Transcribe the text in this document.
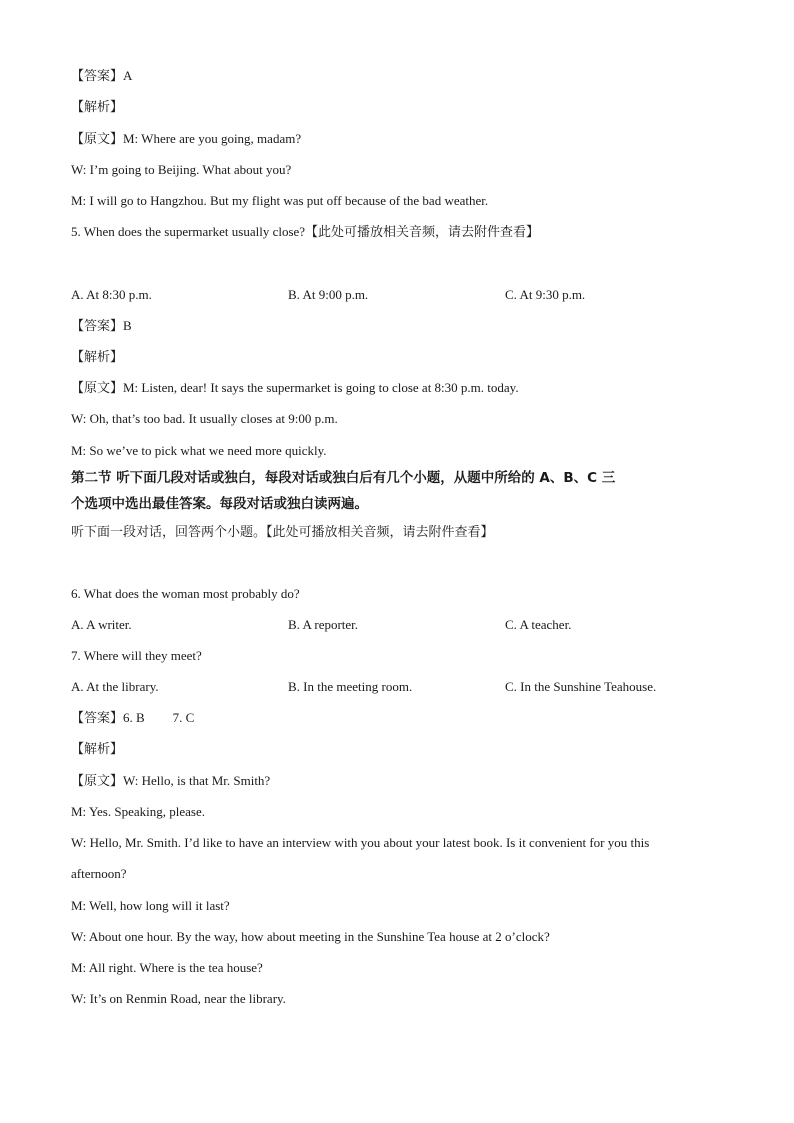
【答案】A
【解析】
【原文】M: Where are you going, madam?
W: I’m going to Beijing. What about you?
M: I will go to Hangzhou. But my flight was put off because of the bad weather.
5. When does the supermarket usually close?【此处可播放相关音频，请去附件查看】
A. At 8:30 p.m.	B. At 9:00 p.m.	C. At 9:30 p.m.
【答案】B
【解析】
【原文】M: Listen, dear! It says the supermarket is going to close at 8:30 p.m. today.
W: Oh, that’s too bad. It usually closes at 9:00 p.m.
M: So we’ve to pick what we need more quickly.
第二节 听下面几段对话或独白，每段对话或独白后有几个小题，从题中所给的 A、B、C 三
个选项中选出最佳答案。每段对话或独白读两遍。
听下面一段对话，回答两个小题。【此处可播放相关音频，请去附件查看】
6. What does the woman most probably do?
A. A writer.	B. A reporter.	C. A teacher.
7. Where will they meet?
A. At the library.	B. In the meeting room.	C. In the Sunshine Teahouse.
【答案】6. B 7. C
【解析】
【原文】W: Hello, is that Mr. Smith?
M: Yes. Speaking, please.
W: Hello, Mr. Smith. I’d like to have an interview with you about your latest book. Is it convenient for you this
afternoon?
M: Well, how long will it last?
W: About one hour. By the way, how about meeting in the Sunshine Tea house at 2 o’clock?
M: All right. Where is the tea house?
W: It’s on Renmin Road, near the library.
